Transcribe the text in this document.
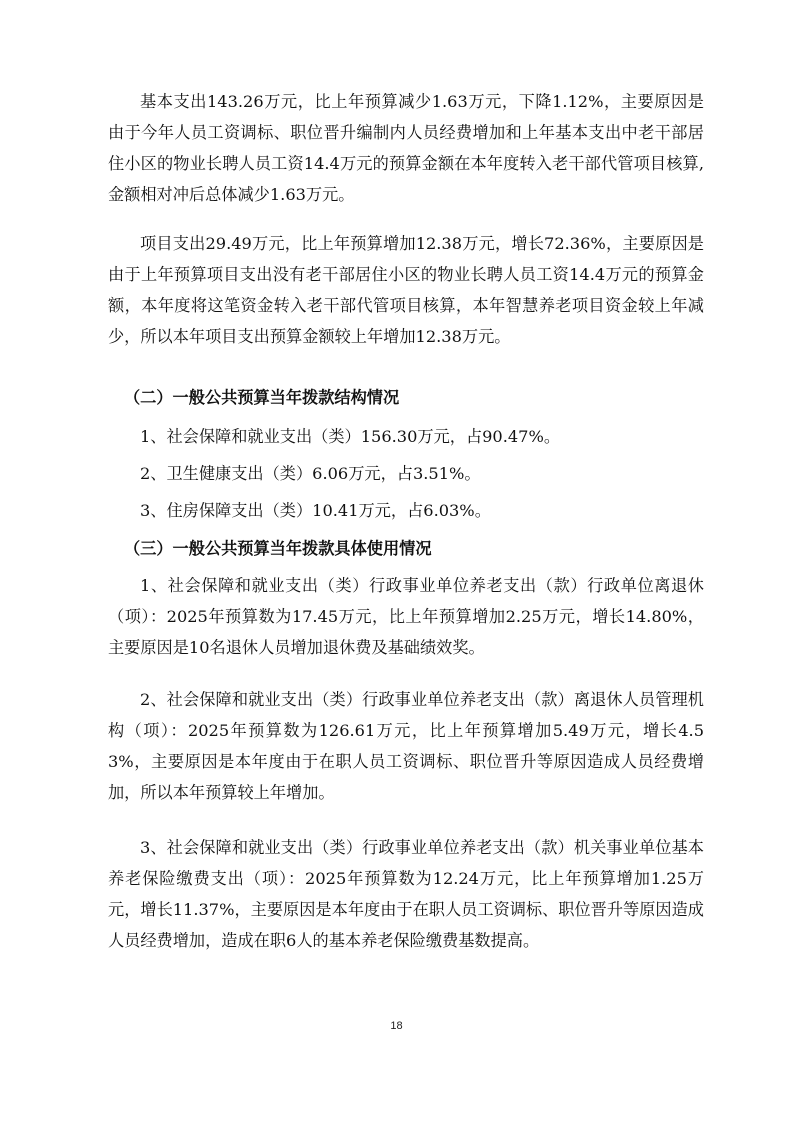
基本支出143.26万元，比上年预算减少1.63万元，下降1.12%，主要原因是由于今年人员工资调标、职位晋升编制内人员经费增加和上年基本支出中老干部居住小区的物业长聘人员工资14.4万元的预算金额在本年度转入老干部代管项目核算,金额相对冲后总体减少1.63万元。

项目支出29.49万元，比上年预算增加12.38万元，增长72.36%，主要原因是由于上年预算项目支出没有老干部居住小区的物业长聘人员工资14.4万元的预算金额，本年度将这笔资金转入老干部代管项目核算，本年智慧养老项目资金较上年减少，所以本年项目支出预算金额较上年增加12.38万元。

（二）一般公共预算当年拨款结构情况

1、社会保障和就业支出（类）156.30万元，占90.47%。

2、卫生健康支出（类）6.06万元，占3.51%。

3、住房保障支出（类）10.41万元，占6.03%。

（三）一般公共预算当年拨款具体使用情况

1、社会保障和就业支出（类）行政事业单位养老支出（款）行政单位离退休（项）：2025年预算数为17.45万元，比上年预算增加2.25万元，增长14.80%，主要原因是10名退休人员增加退休费及基础绩效奖。

2、社会保障和就业支出（类）行政事业单位养老支出（款）离退休人员管理机构（项）：2025年预算数为126.61万元，比上年预算增加5.49万元，增长4.53%，主要原因是本年度由于在职人员工资调标、职位晋升等原因造成人员经费增加，所以本年预算较上年增加。

3、社会保障和就业支出（类）行政事业单位养老支出（款）机关事业单位基本养老保险缴费支出（项）：2025年预算数为12.24万元，比上年预算增加1.25万元，增长11.37%，主要原因是本年度由于在职人员工资调标、职位晋升等原因造成人员经费增加，造成在职6人的基本养老保险缴费基数提高。

18
